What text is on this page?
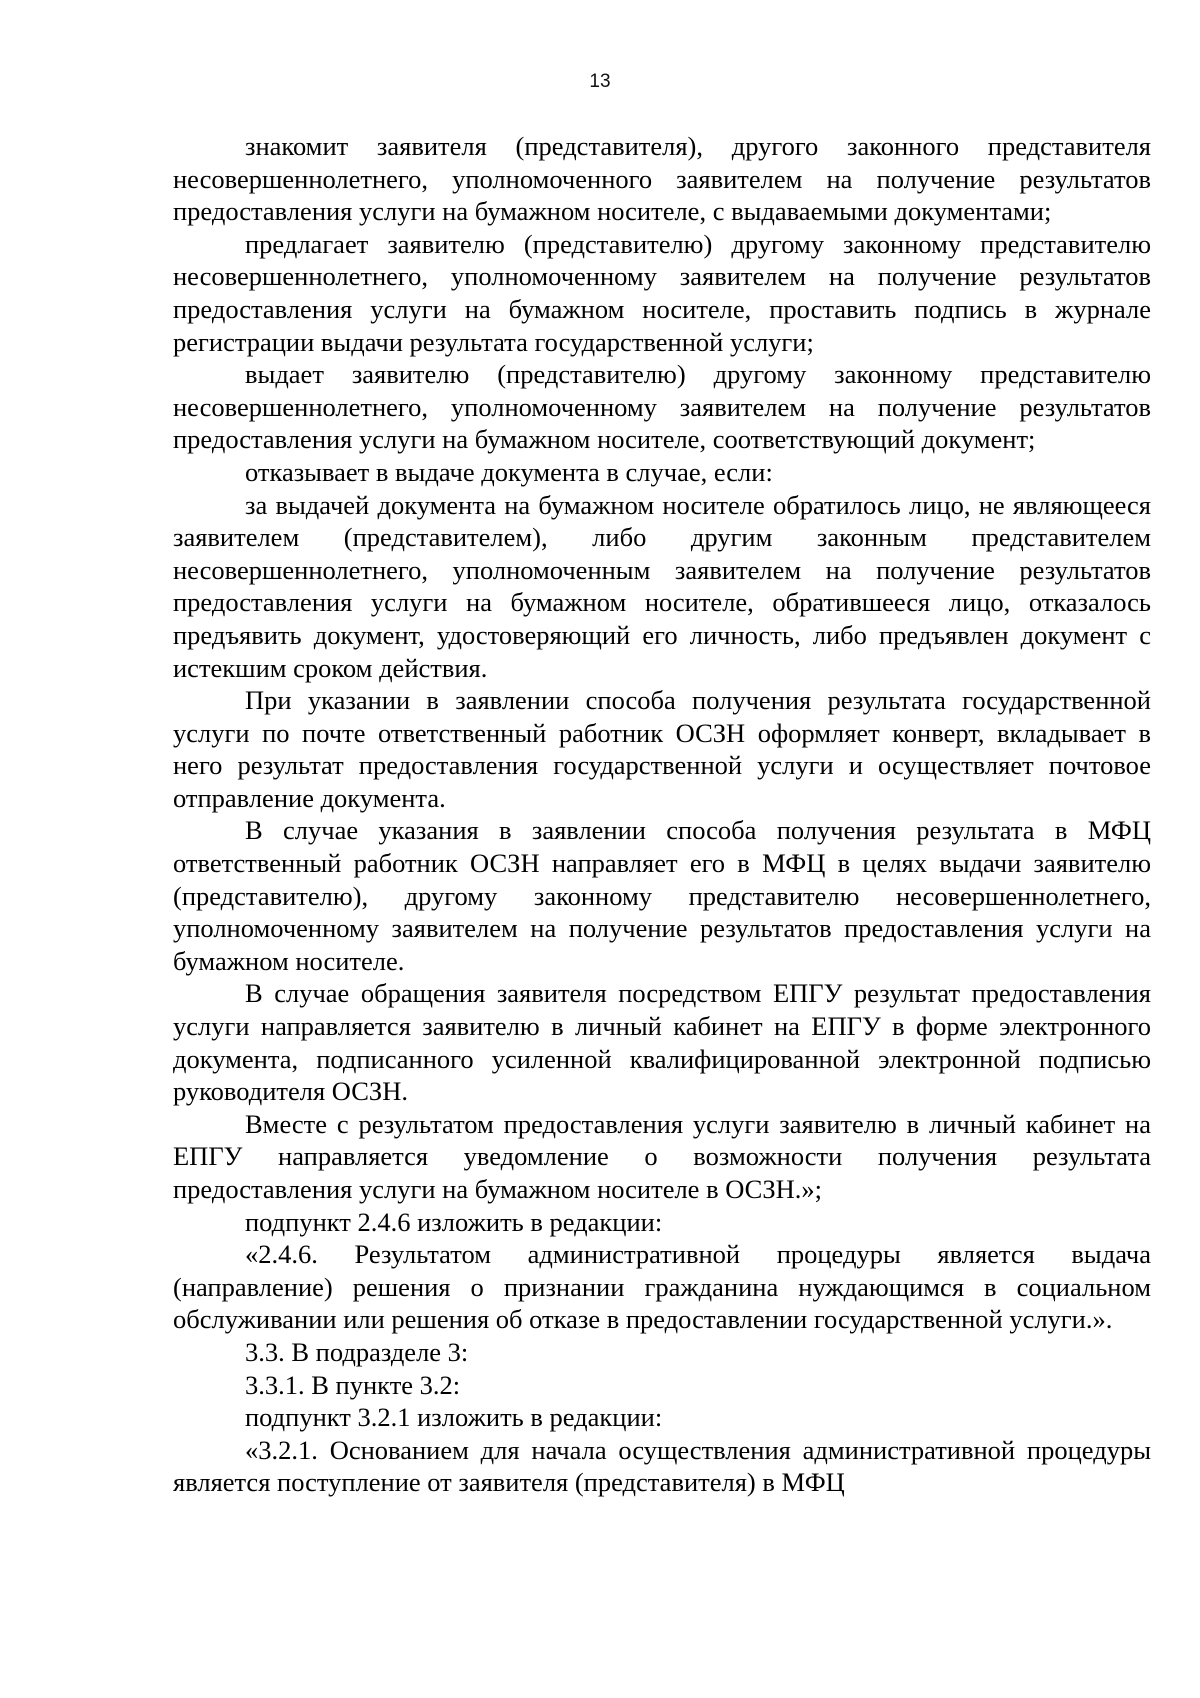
13

знакомит заявителя (представителя), другого законного представителя несовершеннолетнего, уполномоченного заявителем на получение результатов предоставления услуги на бумажном носителе, с выдаваемыми документами;

предлагает заявителю (представителю) другому законному представителю несовершеннолетнего, уполномоченному заявителем на получение результатов предоставления услуги на бумажном носителе, проставить подпись в журнале регистрации выдачи результата государственной услуги;

выдает заявителю (представителю) другому законному представителю несовершеннолетнего, уполномоченному заявителем на получение результатов предоставления услуги на бумажном носителе, соответствующий документ;

отказывает в выдаче документа в случае, если:

за выдачей документа на бумажном носителе обратилось лицо, не являющееся заявителем (представителем), либо другим законным представителем несовершеннолетнего, уполномоченным заявителем на получение результатов предоставления услуги на бумажном носителе, обратившееся лицо, отказалось предъявить документ, удостоверяющий его личность, либо предъявлен документ с истекшим сроком действия.

При указании в заявлении способа получения результата государственной услуги по почте ответственный работник ОСЗН оформляет конверт, вкладывает в него результат предоставления государственной услуги и осуществляет почтовое отправление документа.

В случае указания в заявлении способа получения результата в МФЦ ответственный работник ОСЗН направляет его в МФЦ в целях выдачи заявителю (представителю), другому законному представителю несовершеннолетнего, уполномоченному заявителем на получение результатов предоставления услуги на бумажном носителе.

В случае обращения заявителя посредством ЕПГУ результат предоставления услуги направляется заявителю в личный кабинет на ЕПГУ в форме электронного документа, подписанного усиленной квалифицированной электронной подписью руководителя ОСЗН.

Вместе с результатом предоставления услуги заявителю в личный кабинет на ЕПГУ направляется уведомление о возможности получения результата предоставления услуги на бумажном носителе в ОСЗН.»;

подпункт 2.4.6 изложить в редакции:

«2.4.6. Результатом административной процедуры является выдача (направление) решения о признании гражданина нуждающимся в социальном обслуживании или решения об отказе в предоставлении государственной услуги.».

3.3. В подразделе 3:

3.3.1. В пункте 3.2:

подпункт 3.2.1 изложить в редакции:

«3.2.1. Основанием для начала осуществления административной процедуры является поступление от заявителя (представителя) в МФЦ
